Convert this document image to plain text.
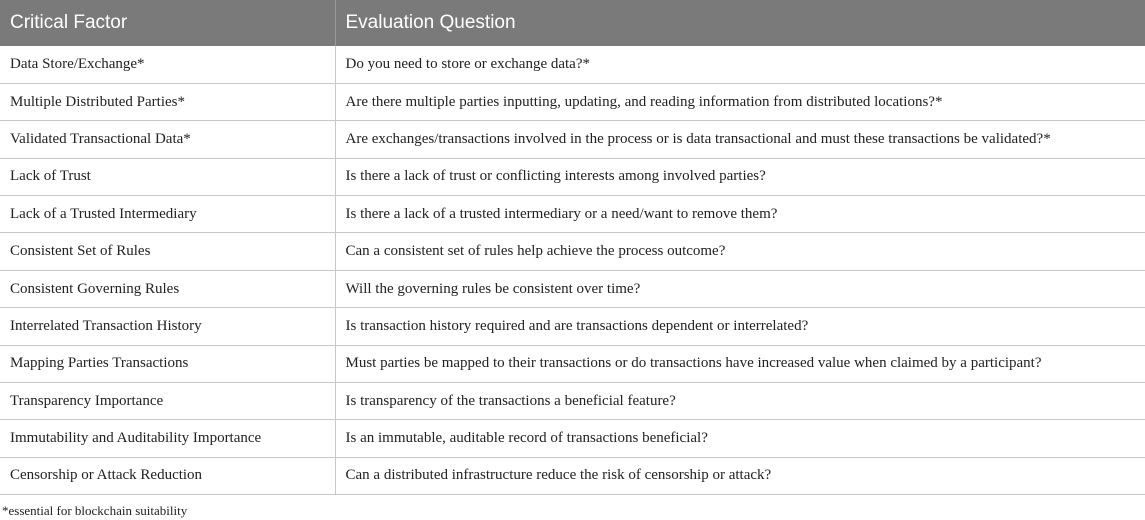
Critical Factor	Evaluation Question
Data Store/Exchange*	Do you need to store or exchange data?*
Multiple Distributed Parties*	Are there multiple parties inputting, updating, and reading information from distributed locations?*
Validated Transactional Data*	Are exchanges/transactions involved in the process or is data transactional and must these transactions be validated?*
Lack of Trust	Is there a lack of trust or conflicting interests among involved parties?
Lack of a Trusted Intermediary	Is there a lack of a trusted intermediary or a need/want to remove them?
Consistent Set of Rules	Can a consistent set of rules help achieve the process outcome?
Consistent Governing Rules	Will the governing rules be consistent over time?
Interrelated Transaction History	Is transaction history required and are transactions dependent or interrelated?
Mapping Parties Transactions	Must parties be mapped to their transactions or do transactions have increased value when claimed by a participant?
Transparency Importance	Is transparency of the transactions a beneficial feature?
Immutability and Auditability Importance	Is an immutable, auditable record of transactions beneficial?
Censorship or Attack Reduction	Can a distributed infrastructure reduce the risk of censorship or attack?

*essential for blockchain suitability
